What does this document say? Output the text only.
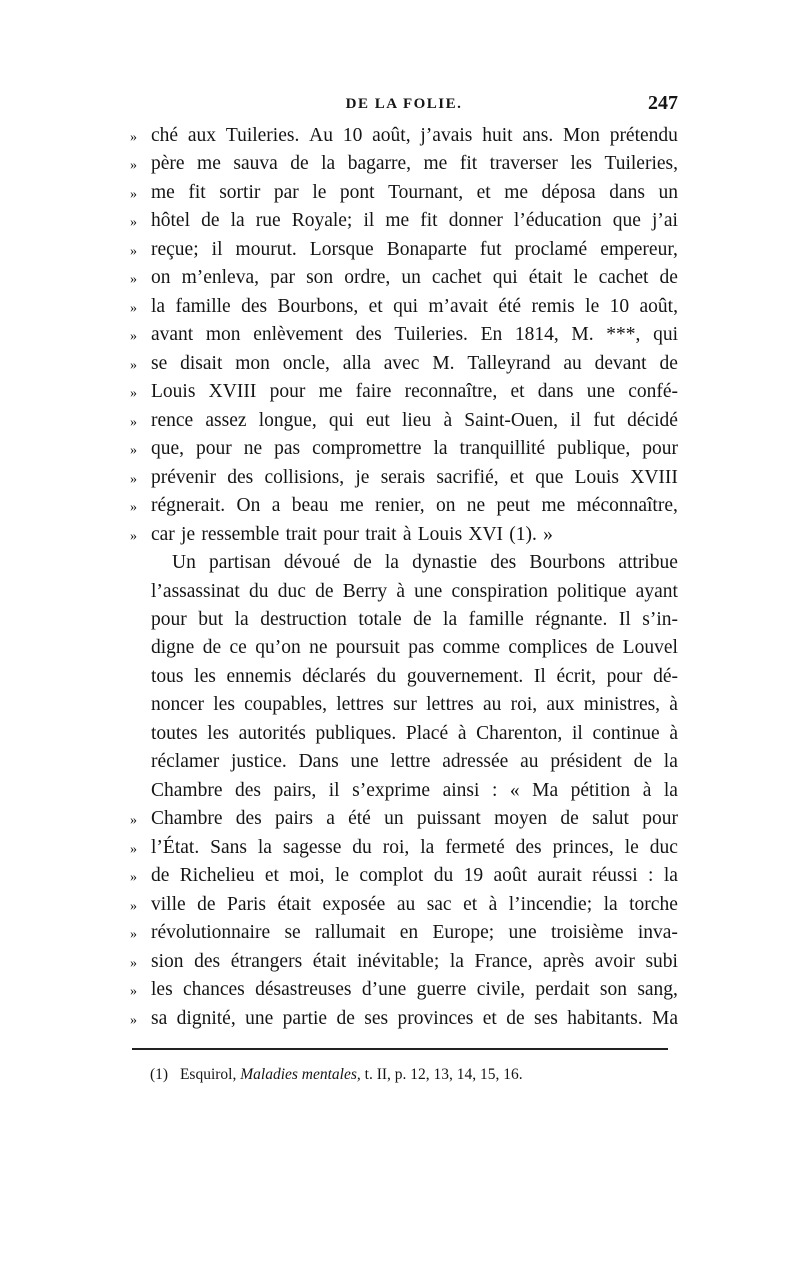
DE LA FOLIE.	247
» ché aux Tuileries. Au 10 août, j’avais huit ans. Mon prétendu
» père me sauva de la bagarre, me fit traverser les Tuileries,
» me fit sortir par le pont Tournant, et me déposa dans un
» hôtel de la rue Royale; il me fit donner l’éducation que j’ai
» reçue; il mourut. Lorsque Bonaparte fut proclamé empereur,
» on m’enleva, par son ordre, un cachet qui était le cachet de
» la famille des Bourbons, et qui m’avait été remis le 10 août,
» avant mon enlèvement des Tuileries. En 1814, M. ***, qui
» se disait mon oncle, alla avec M. Talleyrand au devant de
» Louis XVIII pour me faire reconnaître, et dans une confé-
» rence assez longue, qui eut lieu à Saint-Ouen, il fut décidé
» que, pour ne pas compromettre la tranquillité publique, pour
» prévenir des collisions, je serais sacrifié, et que Louis XVIII
» régnerait. On a beau me renier, on ne peut me méconnaître,
» car je ressemble trait pour trait à Louis XVI (1). »
Un partisan dévoué de la dynastie des Bourbons attribue
l’assassinat du duc de Berry à une conspiration politique ayant
pour but la destruction totale de la famille régnante. Il s’in-
digne de ce qu’on ne poursuit pas comme complices de Louvel
tous les ennemis déclarés du gouvernement. Il écrit, pour dé-
noncer les coupables, lettres sur lettres au roi, aux ministres, à
toutes les autorités publiques. Placé à Charenton, il continue à
réclamer justice. Dans une lettre adressée au président de la
Chambre des pairs, il s’exprime ainsi : « Ma pétition à la
» Chambre des pairs a été un puissant moyen de salut pour
» l’État. Sans la sagesse du roi, la fermeté des princes, le duc
» de Richelieu et moi, le complot du 19 août aurait réussi : la
» ville de Paris était exposée au sac et à l’incendie; la torche
» révolutionnaire se rallumait en Europe; une troisième inva-
» sion des étrangers était inévitable; la France, après avoir subi
» les chances désastreuses d’une guerre civile, perdait son sang,
» sa dignité, une partie de ses provinces et de ses habitants. Ma
(1) Esquirol, Maladies mentales, t. II, p. 12, 13, 14, 15, 16.
